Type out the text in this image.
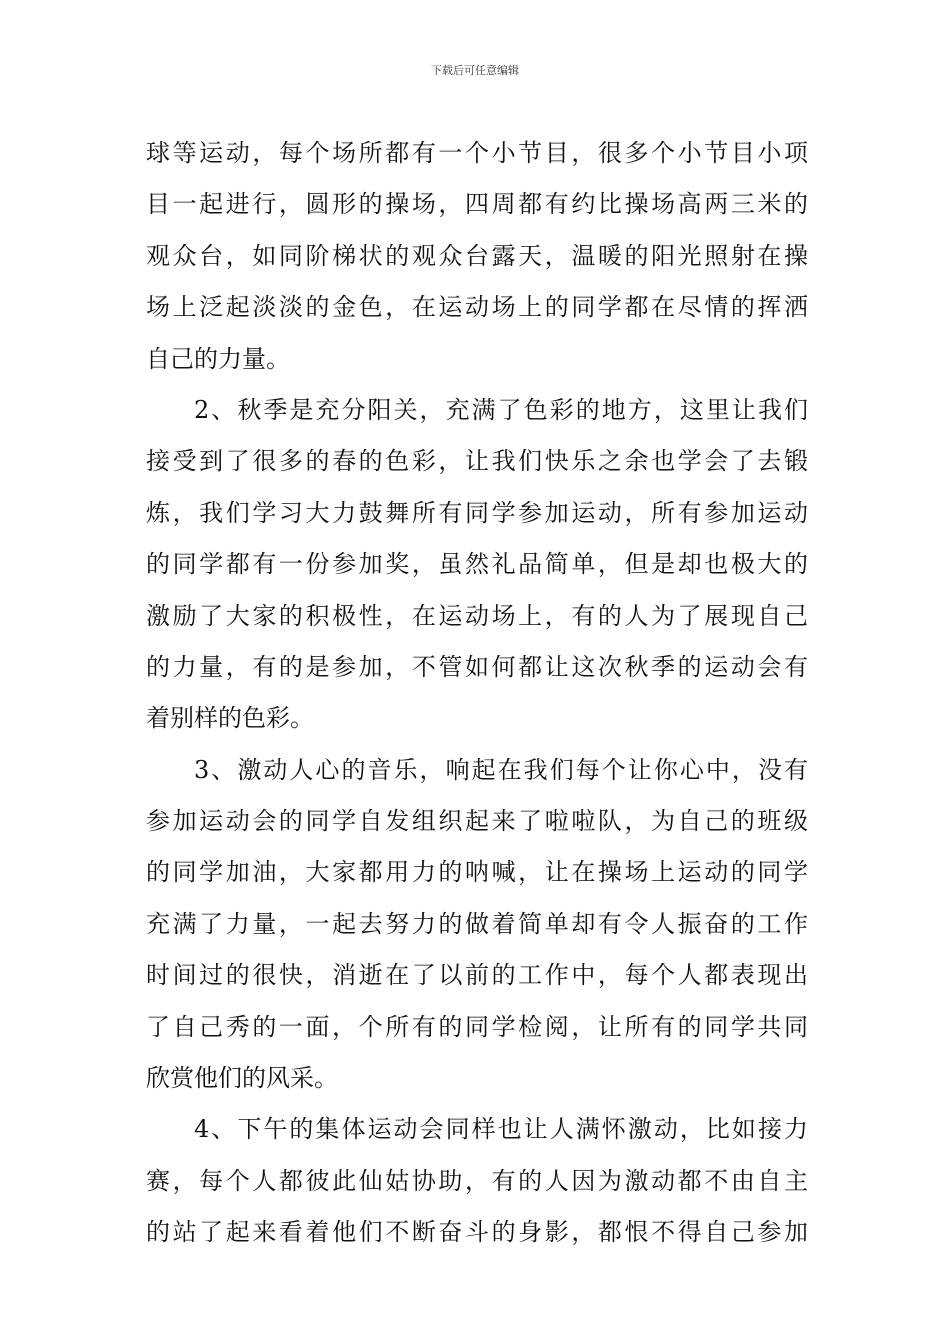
下载后可任意编辑
球等运动，每个场所都有一个小节目，很多个小节目小项
目一起进行，圆形的操场，四周都有约比操场高两三米的
观众台，如同阶梯状的观众台露天，温暖的阳光照射在操
场上泛起淡淡的金色，在运动场上的同学都在尽情的挥洒
自己的力量。
2、秋季是充分阳关，充满了色彩的地方，这里让我们
接受到了很多的春的色彩，让我们快乐之余也学会了去锻
炼，我们学习大力鼓舞所有同学参加运动，所有参加运动
的同学都有一份参加奖，虽然礼品简单，但是却也极大的
激励了大家的积极性，在运动场上，有的人为了展现自己
的力量，有的是参加，不管如何都让这次秋季的运动会有
着别样的色彩。
3、激动人心的音乐，响起在我们每个让你心中，没有
参加运动会的同学自发组织起来了啦啦队，为自己的班级
的同学加油，大家都用力的呐喊，让在操场上运动的同学
充满了力量，一起去努力的做着简单却有令人振奋的工作
时间过的很快，消逝在了以前的工作中，每个人都表现出
了自己秀的一面，个所有的同学检阅，让所有的同学共同
欣赏他们的风采。
4、下午的集体运动会同样也让人满怀激动，比如接力
赛，每个人都彼此仙姑协助，有的人因为激动都不由自主
的站了起来看着他们不断奋斗的身影，都恨不得自己参加
